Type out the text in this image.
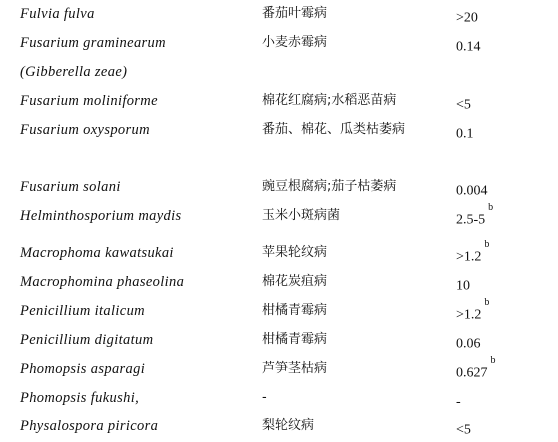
Fulvia fulva	番茄叶霉病	>20
Fusarium graminearum	小麦赤霉病	0.14
(Gibberella zeae)
Fusarium moliniforme	棉花红腐病;水稻恶苗病	<5
Fusarium oxysporum	番茄、棉花、瓜类枯萎病	0.1
Fusarium solani	豌豆根腐病;茄子枯萎病	0.004
Helminthosporium maydis	玉米小斑病菌	2.5-5$^b$
Macrophoma kawatsukai	苹果轮纹病	>1.2$^b$
Macrophomina phaseolina	棉花炭疽病	10
Penicillium italicum	柑橘青霉病	>1.2$^b$
Penicillium digitatum	柑橘青霉病	0.06
Phomopsis asparagi	芦笋茎枯病	0.627$^b$
Phomopsis fukushi,	-	-
Physalospora piricora	梨轮纹病	<5
